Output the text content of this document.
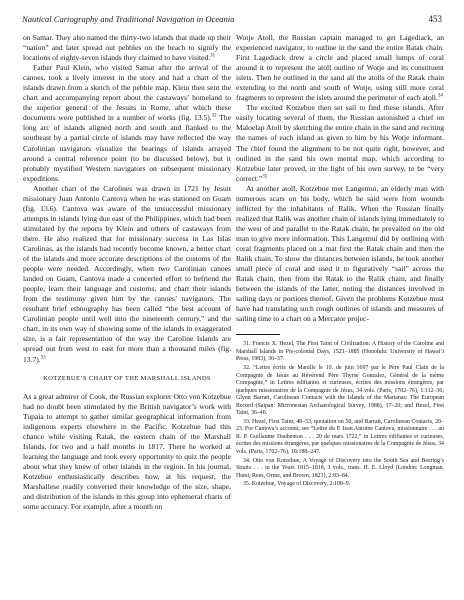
Nautical Cartography and Traditional Navigation in Oceania	453

on Samar. They also named the thirty-two islands that made up their “nation” and later spread out pebbles on the beach to signify the locations of eighty-seven islands they claimed to have visited.$^{31}$

Father Paul Klein, who visited Samar after the arrival of the canoes, took a lively interest in the story and had a chart of the islands drawn from a sketch of the pebble map. Klein then sent the chart and accompanying report about the castaways’ homeland to the superior general of the Jesuits in Rome, after which these documents were published in a number of works (fig. 13.5).$^{32}$ The long arc of islands aligned north and south and flanked to the southeast by a partial circle of islands may have reflected the way Carolinian navigators visualize the bearings of islands arrayed around a central reference point (to be discussed below), but it probably mystified Western navigators on subsequent missionary expeditions.

Another chart of the Carolines was drawn in 1721 by Jesuit missionary Juan Antonio Cantova when he was stationed on Guam (fig. 13.6). Cantova was aware of the unsuccessful missionary attempts in islands lying due east of the Philippines, which had been stimulated by the reports by Klein and others of castaways from there. He also realized that for missionary success in Las Islas Carolinas, as the islands had recently become known, a better chart of the islands and more accurate descriptions of the customs of the people were needed. Accordingly, when two Carolinian canoes landed on Guam, Cantova made a concerted effort to befriend the people, learn their language and customs, and chart their islands from the testimony given him by the canoes’ navigators. The resultant brief ethnography has been called “the best account of Carolinian people until well into the nineteenth century,” and the chart, in its own way of showing some of the islands in exaggerated size, is a fair representation of the way the Caroline Islands are spread out from west to east for more than a thousand miles (fig. 13.7).$^{33}$

KOTZEBUE’S CHART OF THE MARSHALL ISLANDS

As a great admirer of Cook, the Russian explorer Otto von Kotzebue had no doubt been stimulated by the British navigator’s work with Tupaia to attempt to gather similar geographical information from indigenous experts elsewhere in the Pacific. Kotzebue had this chance while visiting Ratak, the eastern chain of the Marshall Islands, for two and a half months in 1817. There he worked at learning the language and took every opportunity to quiz the people about what they knew of other islands in the region. In his journal, Kotzebue enthusiastically describes how, at his request, the Marshallese readily converted their knowledge of the size, shape, and distribution of the islands in this group into ephemeral charts of some accuracy. For example, after a month on

Wotje Atoll, the Russian captain managed to get Lagediack, an experienced navigator, to outline in the sand the entire Ratak chain. First Lagediack drew a circle and placed small lumps of coral around it to represent the atoll outline of Wotje and its constituent islets. Then he outlined in the sand all the atolls of the Ratak chain extending to the north and south of Wotje, using still more coral fragments to represent the islets around the perimeter of each atoll.$^{34}$

The excited Kotzebue then set sail to find these islands. After easily locating several of them, the Russian astonished a chief on Maloelap Atoll by sketching the entire chain in the sand and reciting the names of each island as given to him by his Wotje informant. The chief found the alignment to be not quite right, however, and outlined in the sand his own mental map, which according to Kotzebue later proved, in the light of his own survey, to be “very correct.”$^{35}$

At another atoll, Kotzebue met Langemui, an elderly man with numerous scars on his body, which he said were from wounds inflicted by the inhabitants of Ralik. When the Russian finally realized that Ralik was another chain of islands lying immediately to the west of and parallel to the Ratak chain, he prevailed on the old man to give more information. This Langemui did by outlining with coral fragments placed on a mat first the Ratak chain and then the Ralik chain. To show the distances between islands, he took another small piece of coral and used it to figuratively “sail” across the Ratak chain, then from the Ratak to the Ralik chain, and finally between the islands of the latter, noting the distances involved in sailing days or portions thereof. Given the problems Kotzebue must have had translating such rough outlines of islands and measures of sailing time to a chart on a Mercator projec-

31. Francis X. Hezel, The First Taint of Civilization: A History of the Caroline and Marshall Islands in Pre-colonial Days, 1521–1885 (Honolulu: University of Hawai‘i Press, 1983), 36–37.

32. “Lettre écrite de Manille le 10. de juin 1697 par le Père Paul Clain de la Compagnie de Jésus au Révérend Père Thyrse Gonzalez, Général de la même Compagnie,” in Lettres édifiantes et curieuses, écrites des missions étrangères, par quelques missionaires de la Compagnie de Jésus, 34 vols. (Paris, 1702–76), 1:112–36; Glynn Barratt, Carolinean Contacts with the Islands of the Marianas: The European Record (Saipan: Micronesian Archaeological Survey, 1988), 17–20; and Hezel, First Taint, 36–40.

33. Hezel, First Taint, 48–53, quotation on 50, and Barratt, Carolinean Contacts, 20–23. For Cantova’s account, see “Lettre du P. Jean Antoine Cantova, missionnaire . . . au R. P. Guillaume Daubenton . . . 20 de mars 1722,” in Lettres édifiantes et curieuses, écrites des missions étrangères, par quelques missionaires de la Compagnie de Jésus, 34 vols. (Paris, 1702–76), 18:188–247.

34. Otto von Kotzebue, A Voyage of Discovery into the South Sea and Beering’s Straits . . . in the Years 1815–1818, 3 vols., trans. H. E. Lloyd (London: Longman, Hurst, Rees, Orme, and Brown, 1821), 2:83–84.

35. Kotzebue, Voyage of Discovery, 2:108–9.
